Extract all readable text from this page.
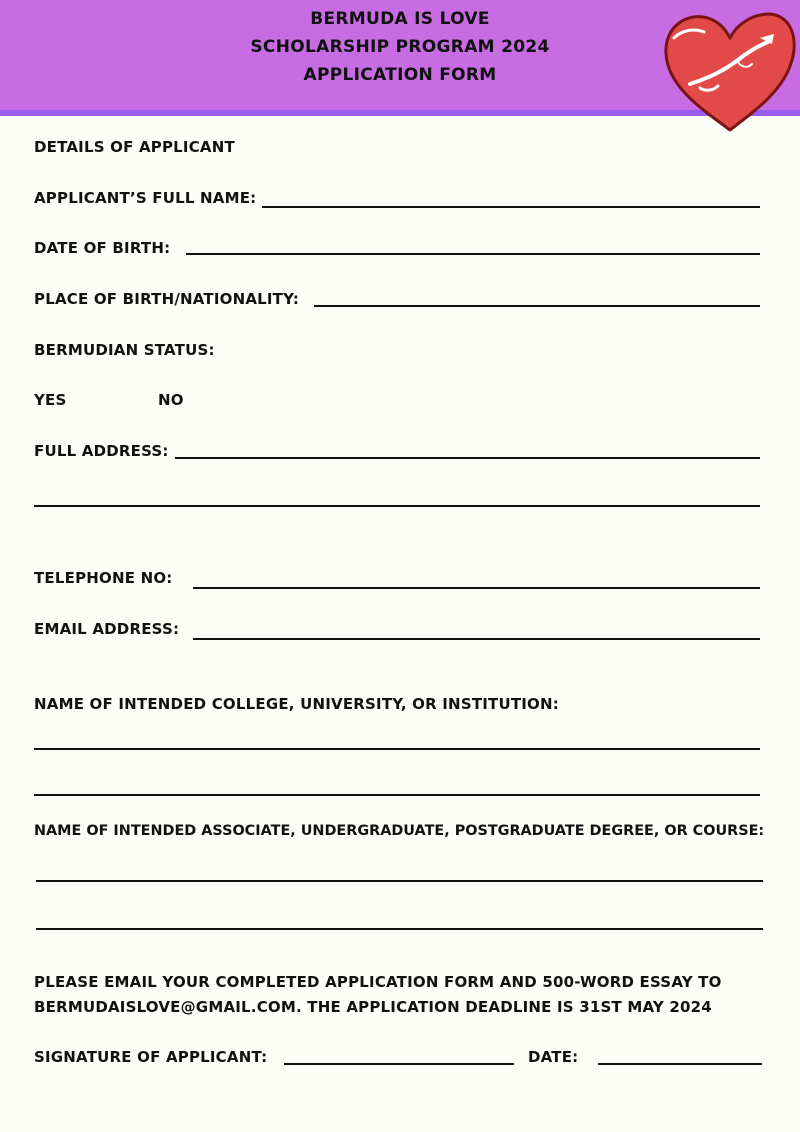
BERMUDA IS LOVE
SCHOLARSHIP PROGRAM 2024
APPLICATION FORM
DETAILS OF APPLICANT
APPLICANT’S FULL NAME:
DATE OF BIRTH:
PLACE OF BIRTH/NATIONALITY:
BERMUDIAN STATUS:
YES	NO
FULL ADDRESS:
TELEPHONE NO:
EMAIL ADDRESS:
NAME OF INTENDED COLLEGE, UNIVERSITY, OR INSTITUTION:
NAME OF INTENDED ASSOCIATE, UNDERGRADUATE, POSTGRADUATE DEGREE, OR COURSE:
PLEASE EMAIL YOUR COMPLETED APPLICATION FORM AND 500-WORD ESSAY TO
BERMUDAISLOVE@GMAIL.COM. THE APPLICATION DEADLINE IS 31ST MAY 2024
SIGNATURE OF APPLICANT:	DATE:
